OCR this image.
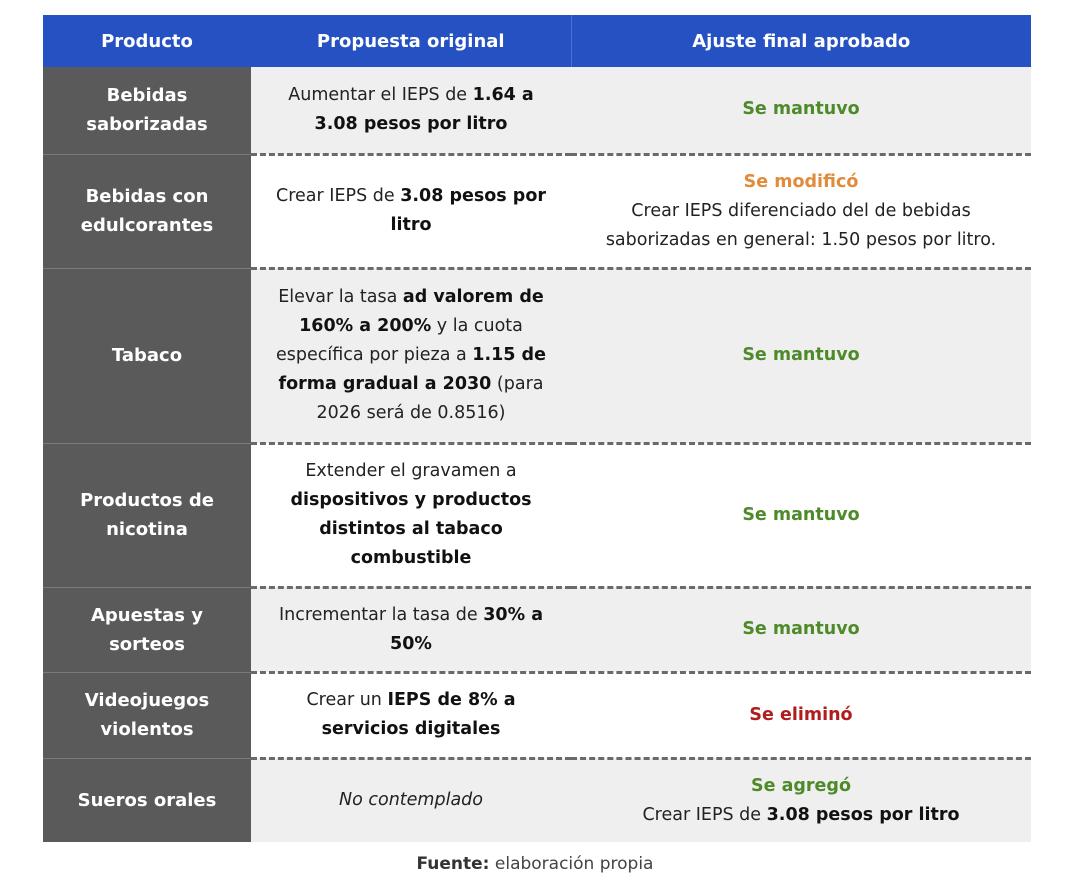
Producto	Propuesta original	Ajuste final aprobado
Bebidas saborizadas	Aumentar el IEPS de 1.64 a 3.08 pesos por litro	Se mantuvo

Bebidas con edulcorantes	Crear IEPS de 3.08 pesos por litro	Se modificó
Crear IEPS diferenciado del de bebidas saborizadas en general: 1.50 pesos por litro.
Tabaco	Elevar la tasa ad valorem de 160% a 200% y la cuota específica por pieza a 1.15 de forma gradual a 2030 (para 2026 será de 0.8516)	Se mantuvo

Productos de nicotina	Extender el gravamen a dispositivos y productos distintos al tabaco combustible	Se mantuvo

Apuestas y sorteos	Incrementar la tasa de 30% a 50%	Se mantuvo

Videojuegos violentos	Crear un IEPS de 8% a servicios digitales	Se eliminó

Sueros orales	No contemplado	Se agregó
Crear IEPS de 3.08 pesos por litro
Fuente: elaboración propia
